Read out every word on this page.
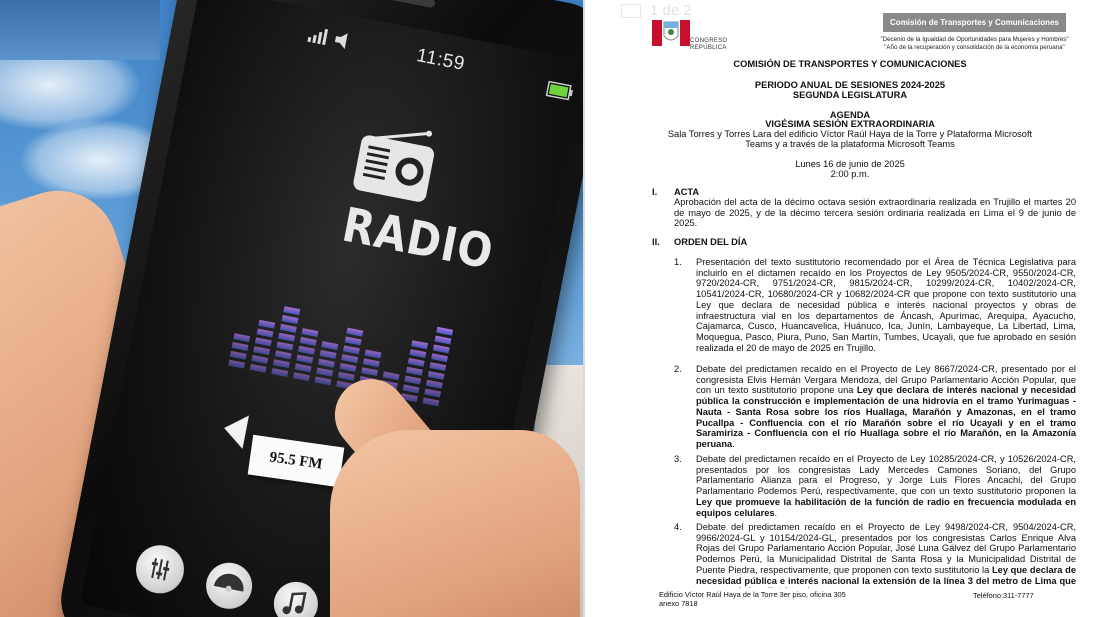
11:59
RADIO
95.5 FM
1 de 2
CONGRESO
REPÚBLICA
Comisión de Transportes y Comunicaciones
"Decenio de la Igualdad de Oportunidades para Mujeres y Hombres"
"Año de la recuperación y consolidación de la economía peruana"
COMISIÓN DE TRANSPORTES Y COMUNICACIONES
PERIODO ANUAL DE SESIONES 2024-2025
SEGUNDA LEGISLATURA
AGENDA
VIGÉSIMA SESIÓN EXTRAORDINARIA
Sala Torres y Torres Lara del edificio Víctor Raúl Haya de la Torre y Plataforma Microsoft
Teams y a través de la plataforma Microsoft Teams
Lunes 16 de junio de 2025
2:00 p.m.
I. ACTA
Aprobación del acta de la décimo octava sesión extraordinaria realizada en Trujillo el martes 20 de mayo de 2025, y de la décimo tercera sesión ordinaria realizada en Lima el 9 de junio de 2025.
II. ORDEN DEL DÍA
1. Presentación del texto sustitutorio recomendado por el Área de Técnica Legislativa para incluirlo en el dictamen recaído en los Proyectos de Ley 9505/2024-CR, 9550/2024-CR, 9720/2024-CR, 9751/2024-CR, 9815/2024-CR, 10299/2024-CR, 10402/2024-CR, 10541/2024-CR, 10680/2024-CR y 10682/2024-CR que propone con texto sustitutorio una Ley que declara de necesidad pública e interés nacional proyectos y obras de infraestructura vial en los departamentos de Áncash, Apurímac, Arequipa, Ayacucho, Cajamarca, Cusco, Huancavelica, Huánuco, Ica, Junín, Lambayeque, La Libertad, Lima, Moquegua, Pasco, Piura, Puno, San Martín, Tumbes, Ucayali, que fue aprobado en sesión realizada el 20 de mayo de 2025 en Trujillo.
2. Debate del predictamen recaído en el Proyecto de Ley 8667/2024-CR, presentado por el congresista Elvis Hernán Vergara Mendoza, del Grupo Parlamentario Acción Popular, que con un texto sustitutorio propone una Ley que declara de interés nacional y necesidad pública la construcción e implementación de una hidrovía en el tramo Yurimaguas - Nauta - Santa Rosa sobre los ríos Huallaga, Marañón y Amazonas, en el tramo Pucallpa - Confluencia con el río Marañón sobre el río Ucayali y en el tramo Saramiriza - Confluencia con el río Huallaga sobre el río Marañón, en la Amazonía peruana.
3. Debate del predictamen recaído en el Proyecto de Ley 10285/2024-CR, y 10526/2024-CR, presentados por los congresistas Lady Mercedes Camones Soriano, del Grupo Parlamentario Alianza para el Progreso, y Jorge Luis Flores Ancachi, del Grupo Parlamentario Podemos Perú, respectivamente, que con un texto sustitutorio proponen la Ley que promueve la habilitación de la función de radio en frecuencia modulada en equipos celulares.
4. Debate del predictamen recaído en el Proyecto de Ley 9498/2024-CR, 9504/2024-CR, 9966/2024-GL y 10154/2024-GL, presentados por los congresistas Carlos Enrique Alva Rojas del Grupo Parlamentario Acción Popular, José Luna Gálvez del Grupo Parlamentario Podemos Perú, la Municipalidad Distrital de Santa Rosa y la Municipalidad Distrital de Puente Piedra, respectivamente, que proponen con texto sustitutorio la Ley que declara de necesidad pública e interés nacional la extensión de la línea 3 del metro de Lima que
Edificio Víctor Raúl Haya de la Torre 3er piso, oficina 305
anexo 7818
Teléfono:311-7777
